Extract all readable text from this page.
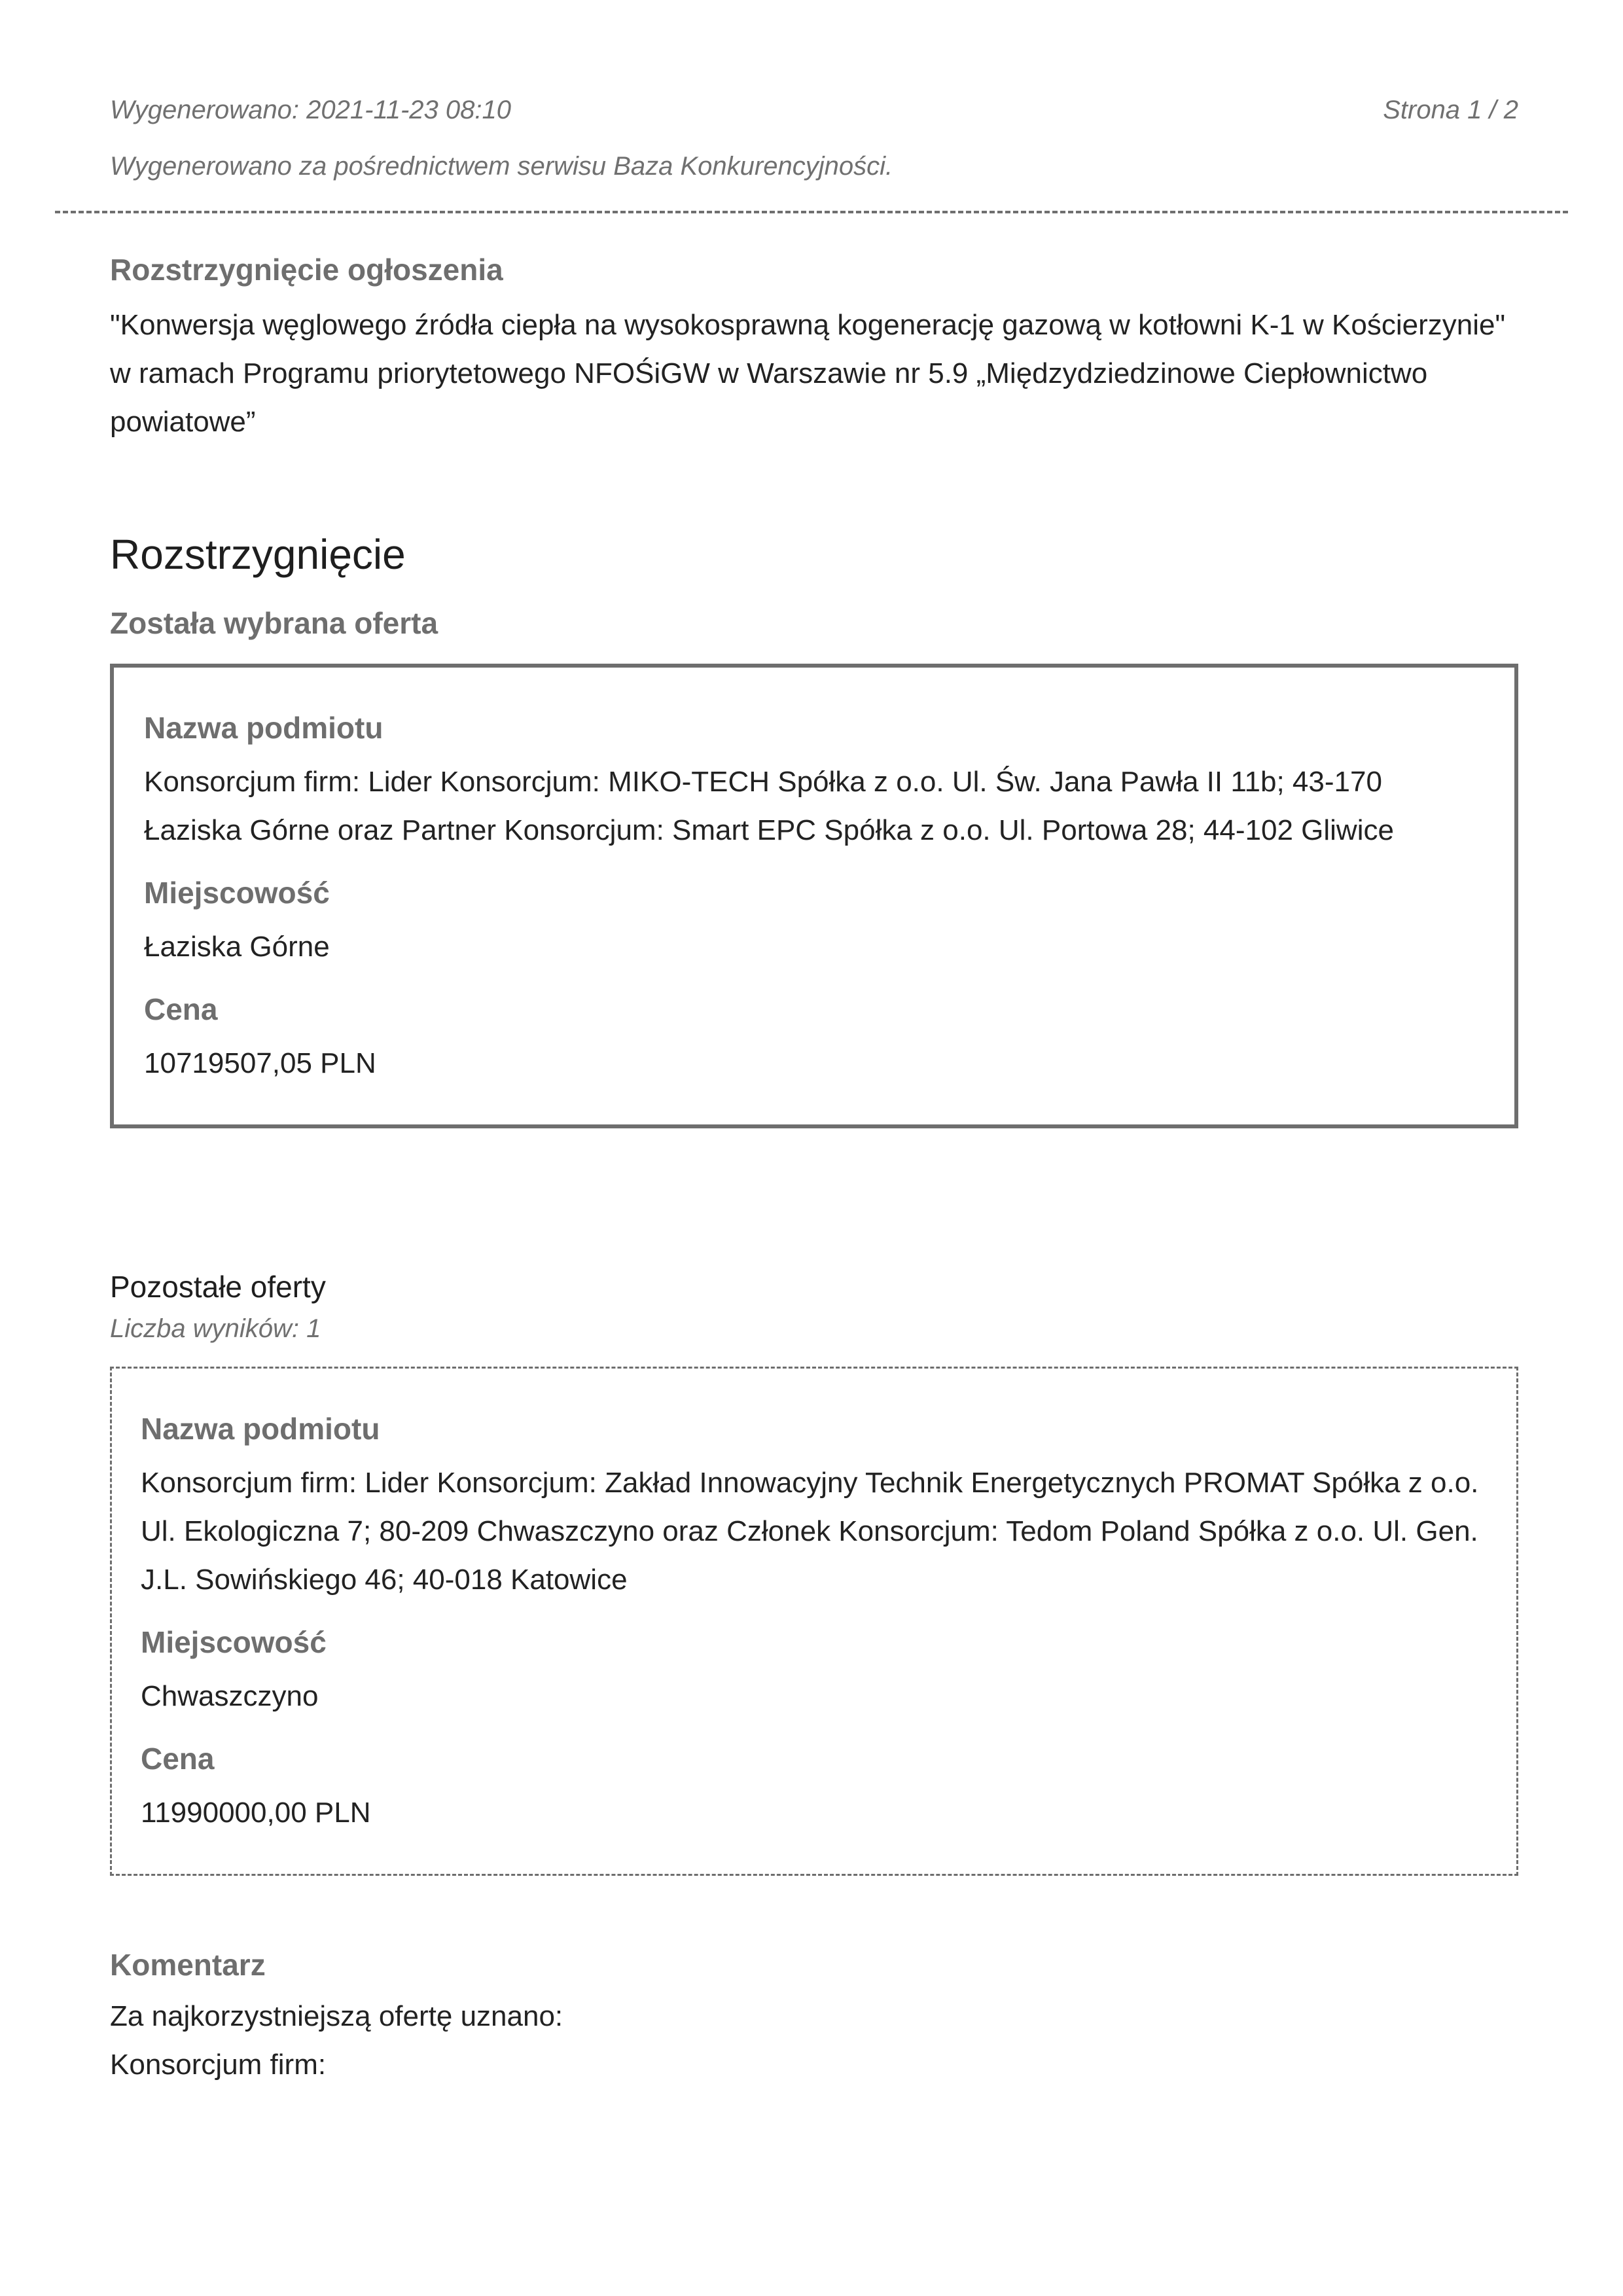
Wygenerowano: 2021-11-23 08:10	Strona 1 / 2
Wygenerowano za pośrednictwem serwisu Baza Konkurencyjności.
Rozstrzygnięcie ogłoszenia
"Konwersja węglowego źródła ciepła na wysokosprawną kogenerację gazową w kotłowni K-1 w Kościerzynie" w ramach Programu priorytetowego NFOŚiGW w Warszawie nr 5.9 „Międzydziedzinowe Ciepłownictwo powiatowe”
Rozstrzygnięcie
Została wybrana oferta
Nazwa podmiotu
Konsorcjum firm: Lider Konsorcjum: MIKO-TECH Spółka z o.o. Ul. Św. Jana Pawła II 11b; 43-170 Łaziska Górne oraz Partner Konsorcjum: Smart EPC Spółka z o.o. Ul. Portowa 28; 44-102 Gliwice
Miejscowość
Łaziska Górne
Cena
10719507,05 PLN
Pozostałe oferty
Liczba wyników: 1
Nazwa podmiotu
Konsorcjum firm: Lider Konsorcjum: Zakład Innowacyjny Technik Energetycznych PROMAT Spółka z o.o. Ul. Ekologiczna 7; 80-209 Chwaszczyno oraz Członek Konsorcjum: Tedom Poland Spółka z o.o. Ul. Gen. J.L. Sowińskiego 46; 40-018 Katowice
Miejscowość
Chwaszczyno
Cena
11990000,00 PLN
Komentarz
Za najkorzystniejszą ofertę uznano:
Konsorcjum firm:
